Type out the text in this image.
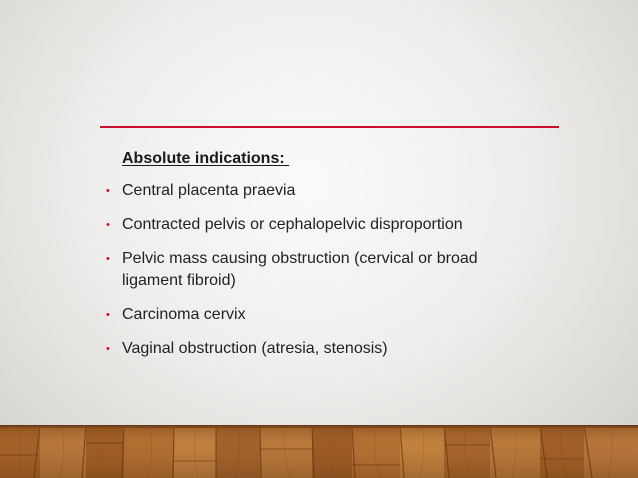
Absolute indications:
• Central placenta praevia
• Contracted pelvis or cephalopelvic disproportion
• Pelvic mass causing obstruction (cervical or broad ligament fibroid)
• Carcinoma cervix
• Vaginal obstruction (atresia, stenosis)
